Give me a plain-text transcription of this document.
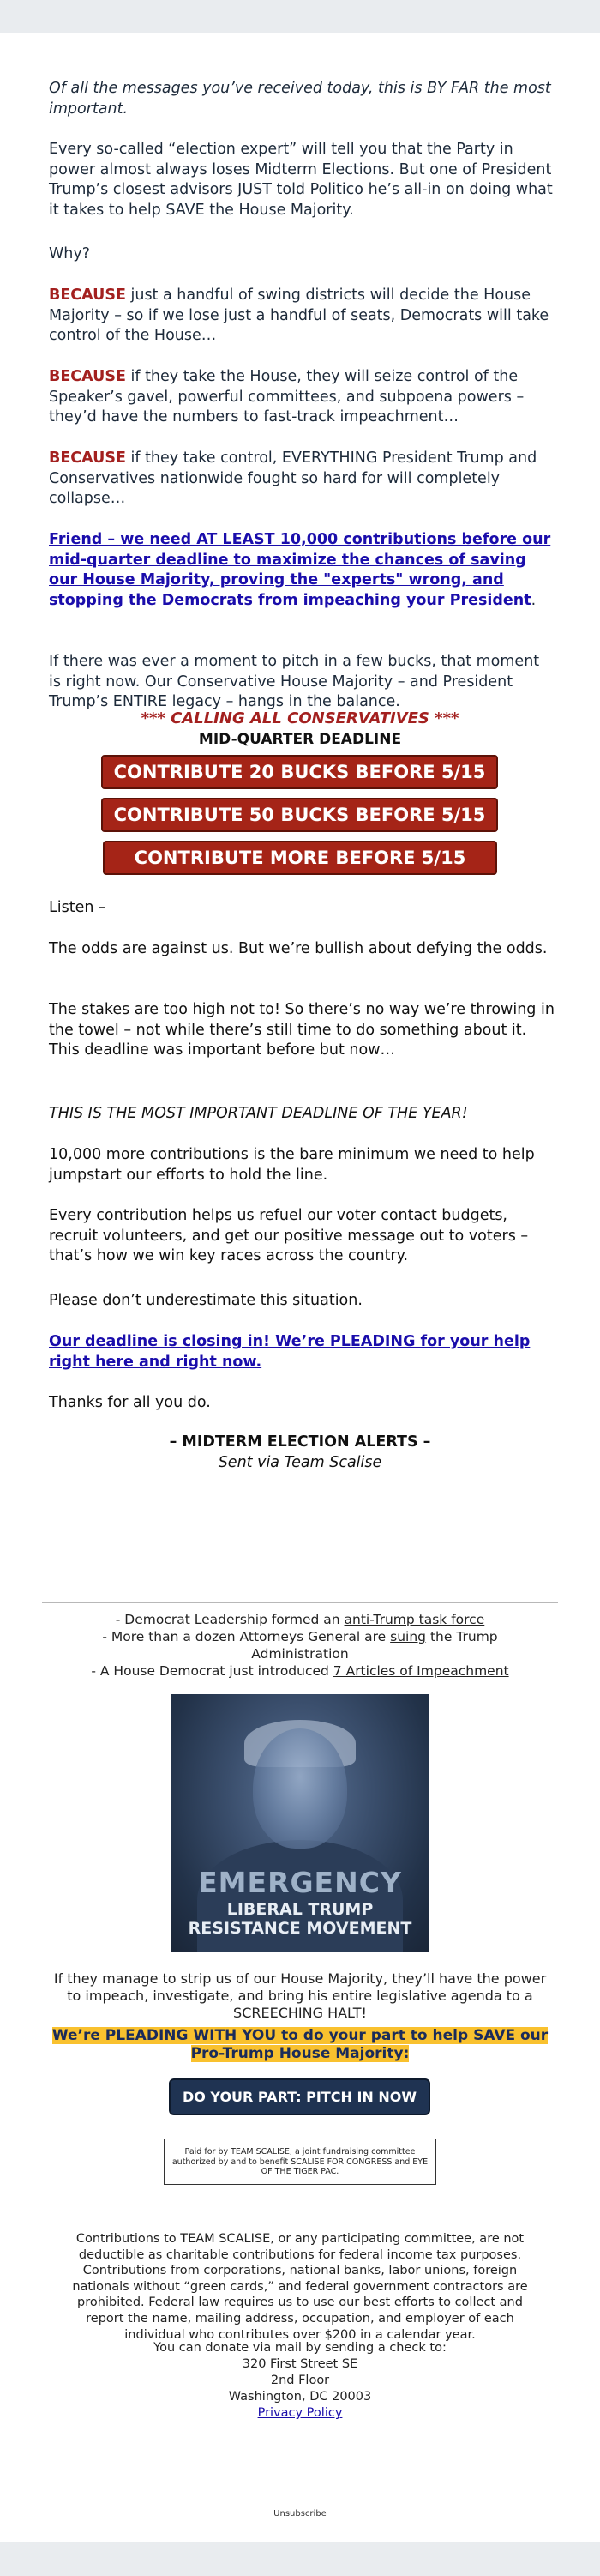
Of all the messages you’ve received today, this is BY FAR the most important.

Every so-called “election expert” will tell you that the Party in power almost always loses Midterm Elections. But one of President Trump’s closest advisors JUST told Politico he’s all-in on doing what it takes to help SAVE the House Majority.

Why?

BECAUSE just a handful of swing districts will decide the House Majority – so if we lose just a handful of seats, Democrats will take control of the House…

BECAUSE if they take the House, they will seize control of the Speaker’s gavel, powerful committees, and subpoena powers – they’d have the numbers to fast-track impeachment…

BECAUSE if they take control, EVERYTHING President Trump and Conservatives nationwide fought so hard for will completely collapse…

Friend – we need AT LEAST 10,000 contributions before our mid-quarter deadline to maximize the chances of saving our House Majority, proving the "experts" wrong, and stopping the Democrats from impeaching your President.

If there was ever a moment to pitch in a few bucks, that moment is right now. Our Conservative House Majority – and President Trump’s ENTIRE legacy – hangs in the balance.

*** CALLING ALL CONSERVATIVES ***

MID-QUARTER DEADLINE

CONTRIBUTE 20 BUCKS BEFORE 5/15
CONTRIBUTE 50 BUCKS BEFORE 5/15
CONTRIBUTE MORE BEFORE 5/15

Listen –

The odds are against us. But we’re bullish about defying the odds.

The stakes are too high not to! So there’s no way we’re throwing in the towel – not while there’s still time to do something about it. This deadline was important before but now…

THIS IS THE MOST IMPORTANT DEADLINE OF THE YEAR!

10,000 more contributions is the bare minimum we need to help jumpstart our efforts to hold the line.

Every contribution helps us refuel our voter contact budgets, recruit volunteers, and get our positive message out to voters – that’s how we win key races across the country.

Please don’t underestimate this situation.

Our deadline is closing in! We’re PLEADING for your help right here and right now.

Thanks for all you do.

– MIDTERM ELECTION ALERTS –

Sent via Team Scalise

- Democrat Leadership formed an anti-Trump task force

- More than a dozen Attorneys General are suing the Trump Administration

- A House Democrat just introduced 7 Articles of Impeachment

EMERGENCY
LIBERAL TRUMP
RESISTANCE MOVEMENT

If they manage to strip us of our House Majority, they’ll have the power to impeach, investigate, and bring his entire legislative agenda to a SCREECHING HALT!

We’re PLEADING WITH YOU to do your part to help SAVE our Pro-Trump House Majority:

DO YOUR PART: PITCH IN NOW
Paid for by TEAM SCALISE, a joint fundraising committee authorized by and to benefit SCALISE FOR CONGRESS and EYE OF THE TIGER PAC.

Contributions to TEAM SCALISE, or any participating committee, are not deductible as charitable contributions for federal income tax purposes. Contributions from corporations, national banks, labor unions, foreign nationals without “green cards,” and federal government contractors are prohibited. Federal law requires us to use our best efforts to collect and report the name, mailing address, occupation, and employer of each individual who contributes over $200 in a calendar year.

You can donate via mail by sending a check to:

320 First Street SE

2nd Floor

Washington, DC 20003

Privacy Policy

Unsubscribe
